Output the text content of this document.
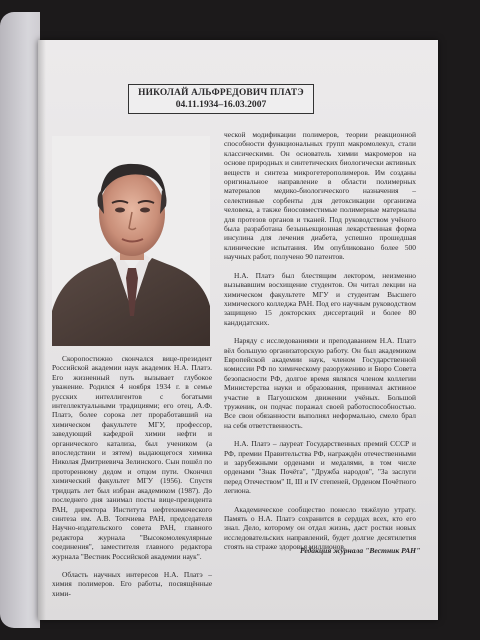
НИКОЛАЙ АЛЬФРЕДОВИЧ ПЛАТЭ
04.11.1934–16.03.2007

Скоропостижно скончался вице-президент Российской академии наук академик Н.А. Платэ. Его жизненный путь вызывает глубокое уважение. Родился 4 ноября 1934 г. в семье русских интеллигентов с богатыми интеллектуальными традициями; его отец, А.Ф. Платэ, более сорока лет проработавший на химическом факультете МГУ, профессор, заведующий кафедрой химии нефти и органического катализа, был учеником (а впоследствии и зятем) выдающегося химика Николая Дмитриевича Зелинского. Сын пошёл по проторенному дедом и отцом пути. Окончил химический факультет МГУ (1956). Спустя тридцать лет был избран академиком (1987). До последнего дня занимал посты вице-президента РАН, директора Института нефтехимического синтеза им. А.В. Топчиева РАН, председателя Научно-издательского совета РАН, главного редактора журнала "Высокомолекулярные соединения", заместителя главного редактора журнала "Вестник Российской академии наук".

Область научных интересов Н.А. Платэ – химия полимеров. Его работы, посвящённые хими-

ческой модификации полимеров, теории реакционной способности функциональных групп макромолекул, стали классическими. Он основатель химии макромеров на основе природных и синтетических биологически активных веществ и синтеза микрогетерополимеров. Им созданы оригинальное направление в области полимерных материалов медико-биологического назначения – селективные сорбенты для детоксикации организма человека, а также биосовместимые полимерные материалы для протезов органов и тканей. Под руководством учёного была разработана безыньекционная лекарственная форма инсулина для лечения диабета, успешно прошедшая клинические испытания. Им опубликовано более 500 научных работ, получено 90 патентов.

Н.А. Платэ был блестящим лектором, неизменно вызывавшим восхищение студентов. Он читал лекции на химическом факультете МГУ и студентам Высшего химического колледжа РАН. Под его научным руководством защищено 15 докторских диссертаций и более 80 кандидатских.

Наряду с исследованиями и преподаванием Н.А. Платэ вёл большую организаторскую работу. Он был академиком Европейской академии наук, членом Государственной комиссии РФ по химическому разоружению и Бюро Совета безопасности РФ, долгое время являлся членом коллегии Министерства науки и образования, принимал активное участие в Пагуошском движении учёных. Большой труженик, он подчас поражал своей работоспособностью. Все свои обязанности выполнял неформально, смело брал на себя ответственность.

Н.А. Платэ – лауреат Государственных премий СССР и РФ, премии Правительства РФ, награждён отечественными и зарубежными орденами и медалями, в том числе орденами "Знак Почёта", "Дружба народов", "За заслуги перед Отечеством" II, III и IV степеней, Орденом Почётного легиона.

Академическое сообщество понесло тяжёлую утрату. Память о Н.А. Платэ сохранится в сердцах всех, кто его знал. Дело, которому он отдал жизнь, даст ростки новых исследовательских направлений, будет долгие десятилетия стоять на страже здоровья миллионов.

Редакция журнала "Вестник РАН"
